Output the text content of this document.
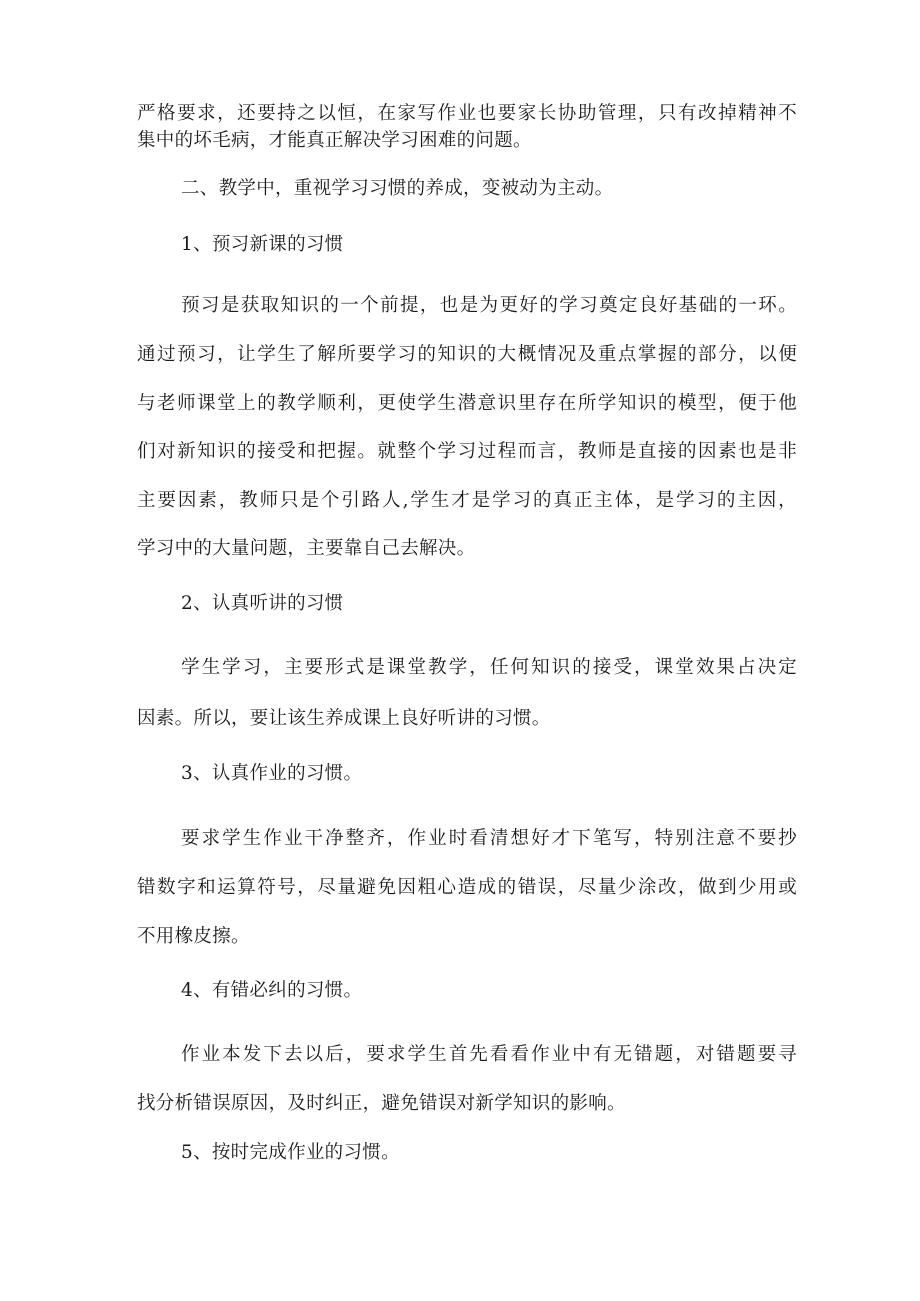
严格要求，还要持之以恒，在家写作业也要家长协助管理，只有改掉精神不
集中的坏毛病，才能真正解决学习困难的问题。
二、教学中，重视学习习惯的养成，变被动为主动。
1、预习新课的习惯
预习是获取知识的一个前提，也是为更好的学习奠定良好基础的一环。
通过预习，让学生了解所要学习的知识的大概情况及重点掌握的部分，以便
与老师课堂上的教学顺利，更使学生潜意识里存在所学知识的模型，便于他
们对新知识的接受和把握。就整个学习过程而言，教师是直接的因素也是非
主要因素，教师只是个引路人,学生才是学习的真正主体，是学习的主因，
学习中的大量问题，主要靠自己去解决。
2、认真听讲的习惯
学生学习，主要形式是课堂教学，任何知识的接受，课堂效果占决定
因素。所以，要让该生养成课上良好听讲的习惯。
3、认真作业的习惯。
要求学生作业干净整齐，作业时看清想好才下笔写，特别注意不要抄
错数字和运算符号，尽量避免因粗心造成的错误，尽量少涂改，做到少用或
不用橡皮擦。
4、有错必纠的习惯。
作业本发下去以后，要求学生首先看看作业中有无错题，对错题要寻
找分析错误原因，及时纠正，避免错误对新学知识的影响。
5、按时完成作业的习惯。
